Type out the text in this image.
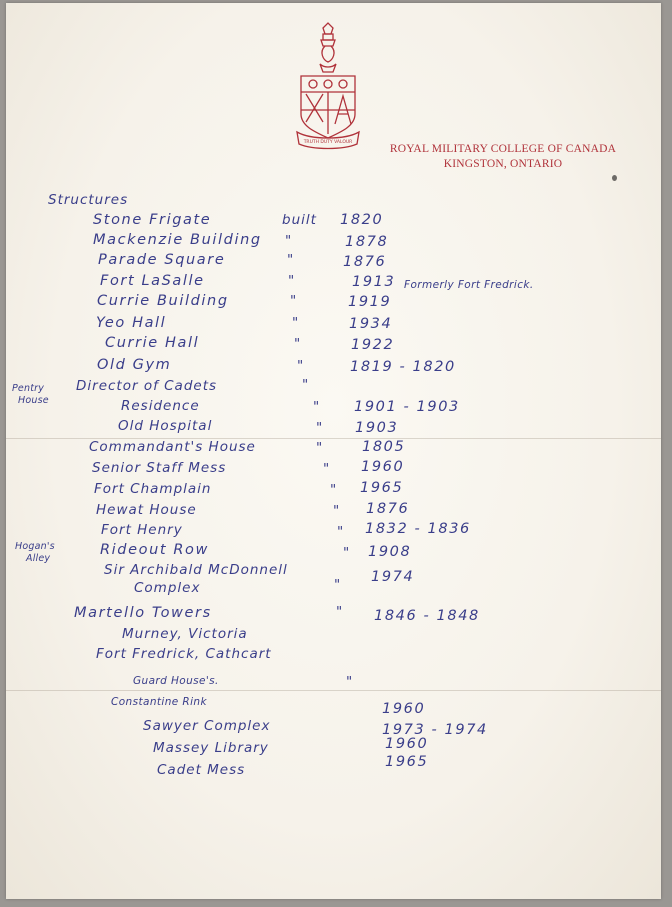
TRUTH DUTY VALOUR
ROYAL MILITARY COLLEGE OF CANADA
KINGSTON, ONTARIO
Structures
Pentry
House
Hogan's
Alley
Stone Frigate	built 1820
Mackenzie Building "	1878
Parade Square	"	1876
Fort LaSalle	"	1913 Formerly Fort Fredrick.
Currie Building	"	1919
Yeo Hall	"	1934
Currie Hall	"	1922
Old Gym	"	1819 - 1820
Director of Cadets	"
Residence	" 1901 - 1903
Old Hospital	" 1903
Commandant's House	"	1805
Senior Staff Mess	" 1960
Fort Champlain	" 1965
Hewat House	" 1876
Fort Henry	" 1832 - 1836
Rideout Row	" 1908
Sir Archibald McDonnell
Complex	" 1974
Martello Towers	" 1846 - 1848
Murney, Victoria
Fort Fredrick, Cathcart
Guard House's.	"
Constantine Rink	1960
Sawyer Complex	1973 - 1974
Massey Library	1960
Cadet Mess	1965
